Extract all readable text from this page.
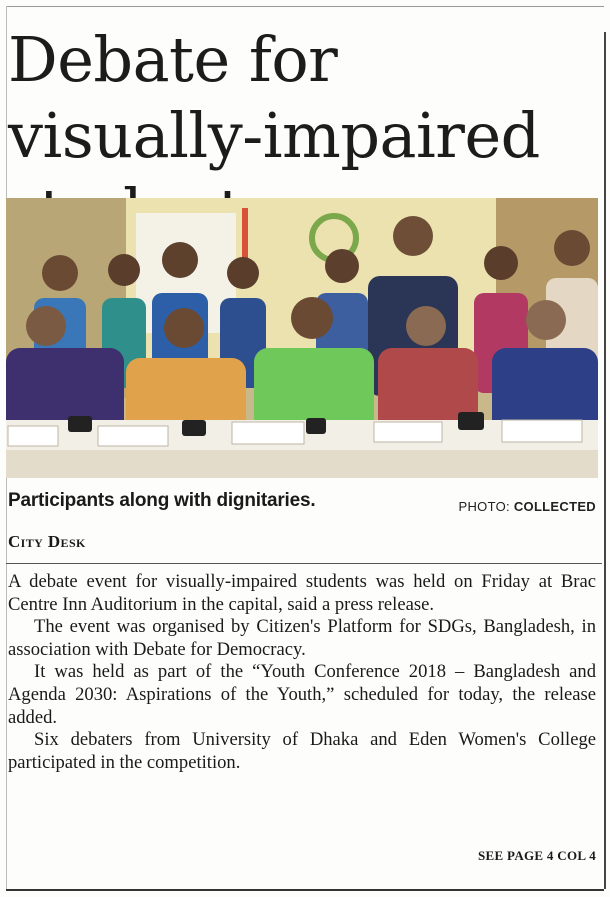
Debate for visually-impaired
Participants along with dignitaries.	PHOTO: COLLECTED
City Desk

A debate event for visually-impaired students was held on Friday at Brac Centre Inn Auditorium in the capital, said a press release.

The event was organised by Citizen's Platform for SDGs, Bangladesh, in association with Debate for Democracy.

It was held as part of the “Youth Conference 2018 – Bangladesh and Agenda 2030: Aspirations of the Youth,” scheduled for today, the release added.

Six debaters from University of Dhaka and Eden Women's College participated in the competition.

SEE PAGE 4 COL 4
